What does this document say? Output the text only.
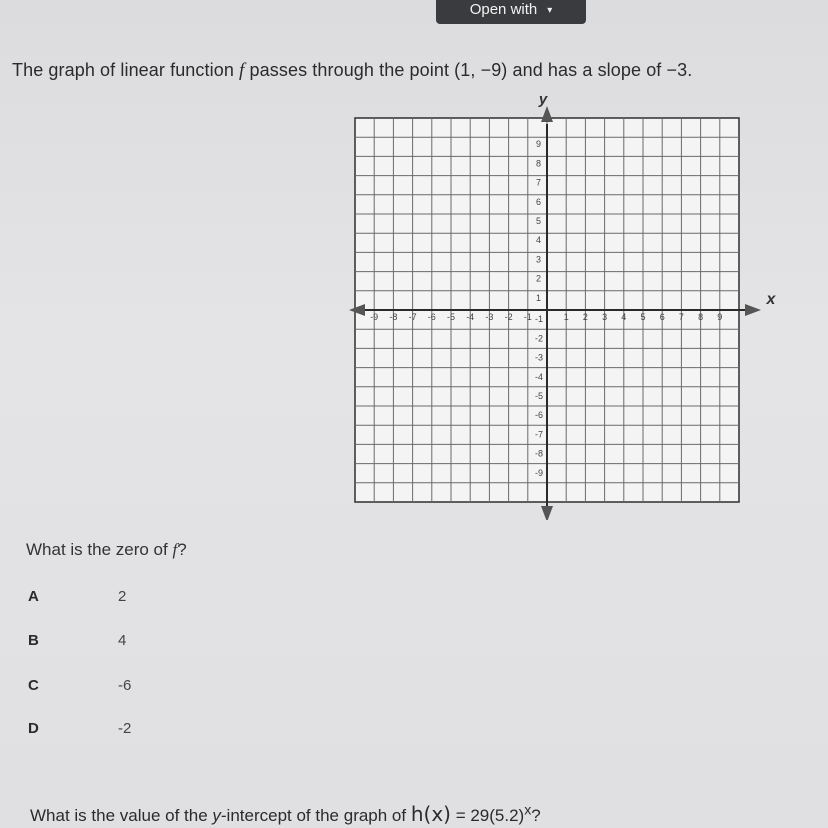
Open with ▾
The graph of linear function f passes through the point (1, −9) and has a slope of −3.
y
x
-9 -8 -7 -6 -5 -4 -3 -2 -1	1 2 3 4 5 6 7 8 9
1
2
3
4
5
6
7
8
9
-1
-2
-3
-4
-5
-6
-7
-8
-9
What is the zero of f?
A	2
B	4
C	-6
D	-2
What is the value of the y-intercept of the graph of $h(x) = 29(5.2)^x$?
